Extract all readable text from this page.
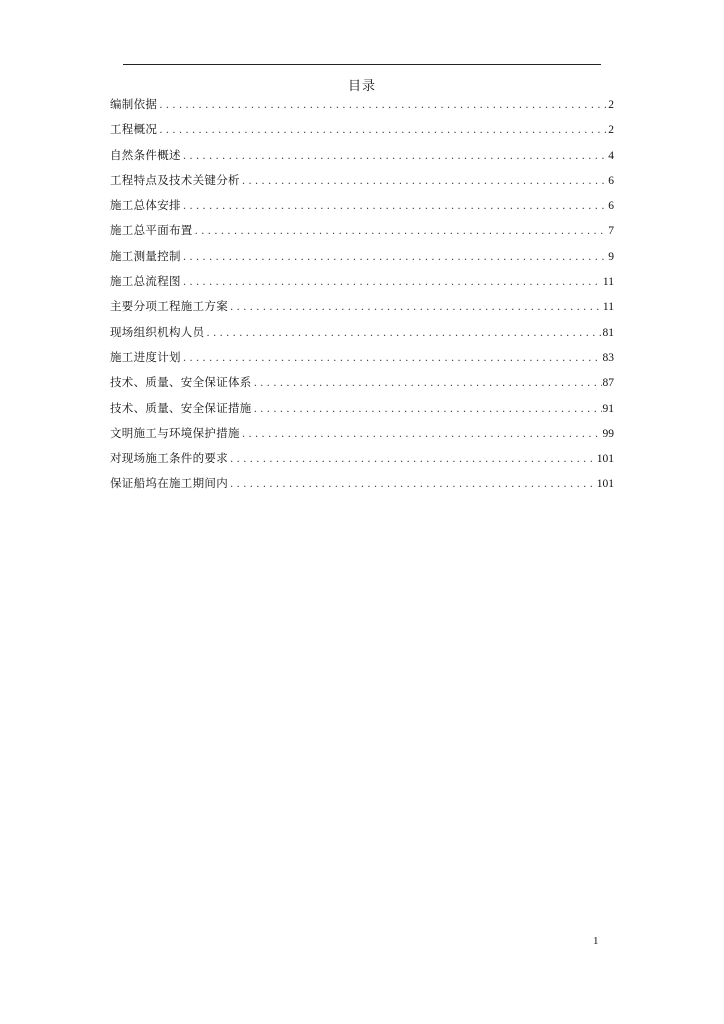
目录
编制依据 .....	2
工程概况 .....	2
自然条件概述 .....	4
工程特点及技术关键分析 .....	6
施工总体安排 .....	6
施工总平面布置 .....	7
施工测量控制 .....	9
施工总流程图 .....	11
主要分项工程施工方案 .....	11
现场组织机构人员 .....	81
施工进度计划 .....	83
技术、质量、安全保证体系 .....	87
技术、质量、安全保证措施 .....	91
文明施工与环境保护措施 .....	99
对现场施工条件的要求 .....	101
保证船坞在施工期间内 .....	101
1
